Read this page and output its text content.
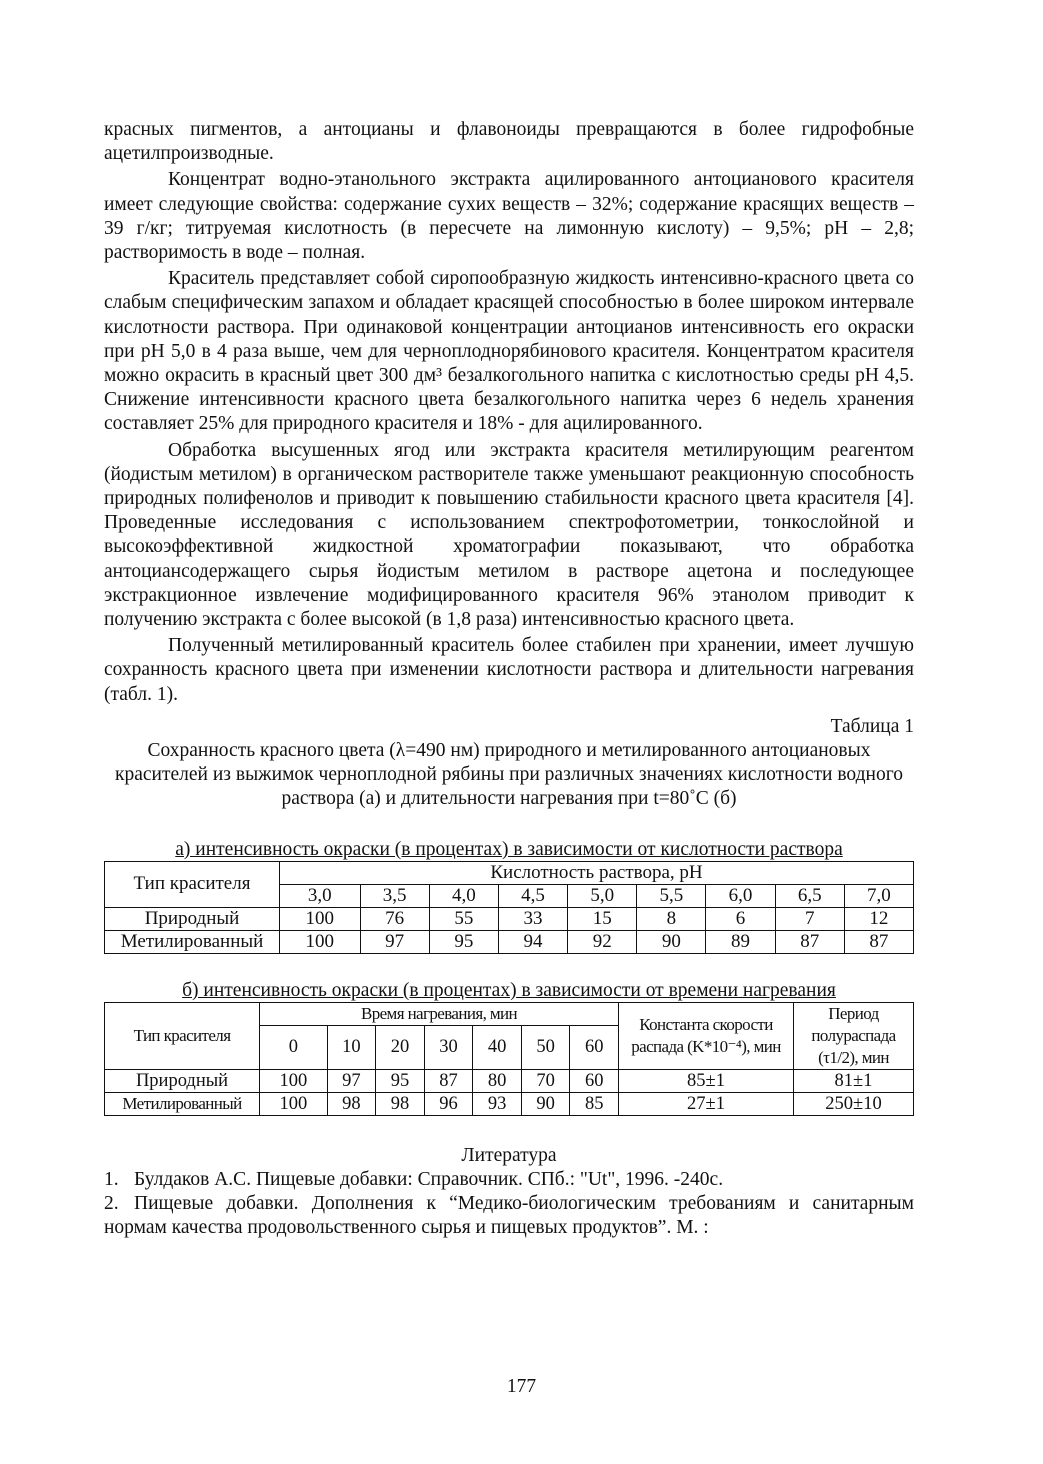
красных пигментов, а антоцианы и флавоноиды превращаются в более гидрофобные ацетилпроизводные.

Концентрат водно-этанольного экстракта ацилированного антоцианового красителя имеет следующие свойства: содержание сухих веществ – 32%; содержание красящих веществ – 39 г/кг; титруемая кислотность (в пересчете на лимонную кислоту) – 9,5%; pH – 2,8; растворимость в воде – полная.

Краситель представляет собой сиропообразную жидкость интенсивно-красного цвета со слабым специфическим запахом и обладает красящей способностью в более широком интервале кислотности раствора. При одинаковой концентрации антоцианов интенсивность его окраски при pH 5,0 в 4 раза выше, чем для черноплоднорябинового красителя. Концентратом красителя можно окрасить в красный цвет 300 дм³ безалкогольного напитка с кислотностью среды pH 4,5. Снижение интенсивности красного цвета безалкогольного напитка через 6 недель хранения составляет 25% для природного красителя и 18% - для ацилированного.

Обработка высушенных ягод или экстракта красителя метилирующим реагентом (йодистым метилом) в органическом растворителе также уменьшают реакционную способность природных полифенолов и приводит к повышению стабильности красного цвета красителя [4]. Проведенные исследования с использованием спектрофотометрии, тонкослойной и высокоэффективной жидкостной хроматографии показывают, что обработка антоциансодержащего сырья йодистым метилом в растворе ацетона и последующее экстракционное извлечение модифицированного красителя 96% этанолом приводит к получению экстракта с более высокой (в 1,8 раза) интенсивностью красного цвета.

Полученный метилированный краситель более стабилен при хранении, имеет лучшую сохранность красного цвета при изменении кислотности раствора и длительности нагревания (табл. 1).

Таблица 1
Сохранность красного цвета (λ=490 нм) природного и метилированного антоциановых красителей из выжимок черноплодной рябины при различных значениях кислотности водного раствора (а) и длительности нагревания при t=80˚С (б)
а) интенсивность окраски (в процентах) в зависимости от кислотности раствора
Тип красителя	Кислотность раствора, pH								
	3,0	3,5	4,0	4,5	5,0	5,5	6,0	6,5	7,0
Природный	100	76	55	33	15	8	6	7	12
Метилированный	100	97	95	94	92	90	89	87	87
б) интенсивность окраски (в процентах) в зависимости от времени нагревания
Тип красителя	Время нагревания, мин							Константа скорости распада (K*10⁻⁴), мин	Период полураспада (τ1/2), мин
	0	10	20	30	40	50	60		
Природный	100	97	95	87	80	70	60	85±1	81±1
Метилированный	100	98	98	96	93	90	85	27±1	250±10
Литература
1. Булдаков А.С. Пищевые добавки: Справочник. СПб.: "Ut", 1996. -240с.
2. Пищевые добавки. Дополнения к “Медико-биологическим требованиям и санитарным нормам качества продовольственного сырья и пищевых продуктов”. М. :
177
